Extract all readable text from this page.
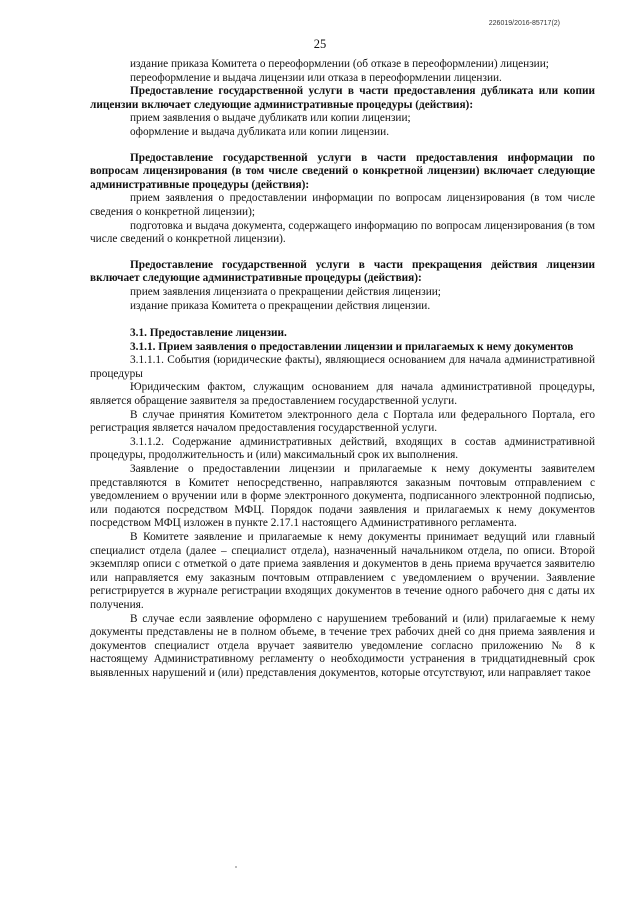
226019/2016-85717(2)
25

издание приказа Комитета о переоформлении (об отказе в переоформлении) лицензии;

переоформление и выдача лицензии или отказа в переоформлении лицензии.

Предоставление государственной услуги в части предоставления дубликата или копии лицензии включает следующие административные процедуры (действия):

прием заявления о выдаче дубликатв или копии лицензии;

оформление и выдача дубликата или копии лицензии.

Предоставление государственной услуги в части предоставления информации по вопросам лицензирования (в том числе сведений о конкретной лицензии) включает следующие административные процедуры (действия):

прием заявления о предоставлении информации по вопросам лицензирования (в том числе сведения о конкретной лицензии);

подготовка и выдача документа, содержащего информацию по вопросам лицензирования (в том числе сведений о конкретной лицензии).

Предоставление государственной услуги в части прекращения действия лицензии включает следующие административные процедуры (действия):

прием заявления лицензиата о прекращении действия лицензии;

издание приказа Комитета о прекращении действия лицензии.

3.1. Предоставление лицензии.

3.1.1. Прием заявления о предоставлении лицензии и прилагаемых к нему документов

3.1.1.1. События (юридические факты), являющиеся основанием для начала административной процедуры

Юридическим фактом, служащим основанием для начала административной процедуры, является обращение заявителя за предоставлением государственной услуги.

В случае принятия Комитетом электронного дела с Портала или федерального Портала, его регистрация является началом предоставления государственной услуги.

3.1.1.2. Содержание административных действий, входящих в состав административной процедуры, продолжительность и (или) максимальный срок их выполнения.

Заявление о предоставлении лицензии и прилагаемые к нему документы заявителем представляются в Комитет непосредственно, направляются заказным почтовым отправлением с уведомлением о вручении или в форме электронного документа, подписанного электронной подписью, или подаются посредством МФЦ. Порядок подачи заявления и прилагаемых к нему документов посредством МФЦ изложен в пункте 2.17.1 настоящего Административного регламента.

В Комитете заявление и прилагаемые к нему документы принимает ведущий или главный специалист отдела (далее – специалист отдела), назначенный начальником отдела, по описи. Второй экземпляр описи с отметкой о дате приема заявления и документов в день приема вручается заявителю или направляется ему заказным почтовым отправлением с уведомлением о вручении. Заявление регистрируется в журнале регистрации входящих документов в течение одного рабочего дня с даты их получения.

В случае если заявление оформлено с нарушением требований и (или) прилагаемые к нему документы представлены не в полном объеме, в течение трех рабочих дней со дня приема заявления и документов специалист отдела вручает заявителю уведомление согласно приложению № 8 к настоящему Административному регламенту о необходимости устранения в тридцатидневный срок выявленных нарушений и (или) представления документов, которые отсутствуют, или направляет такое
